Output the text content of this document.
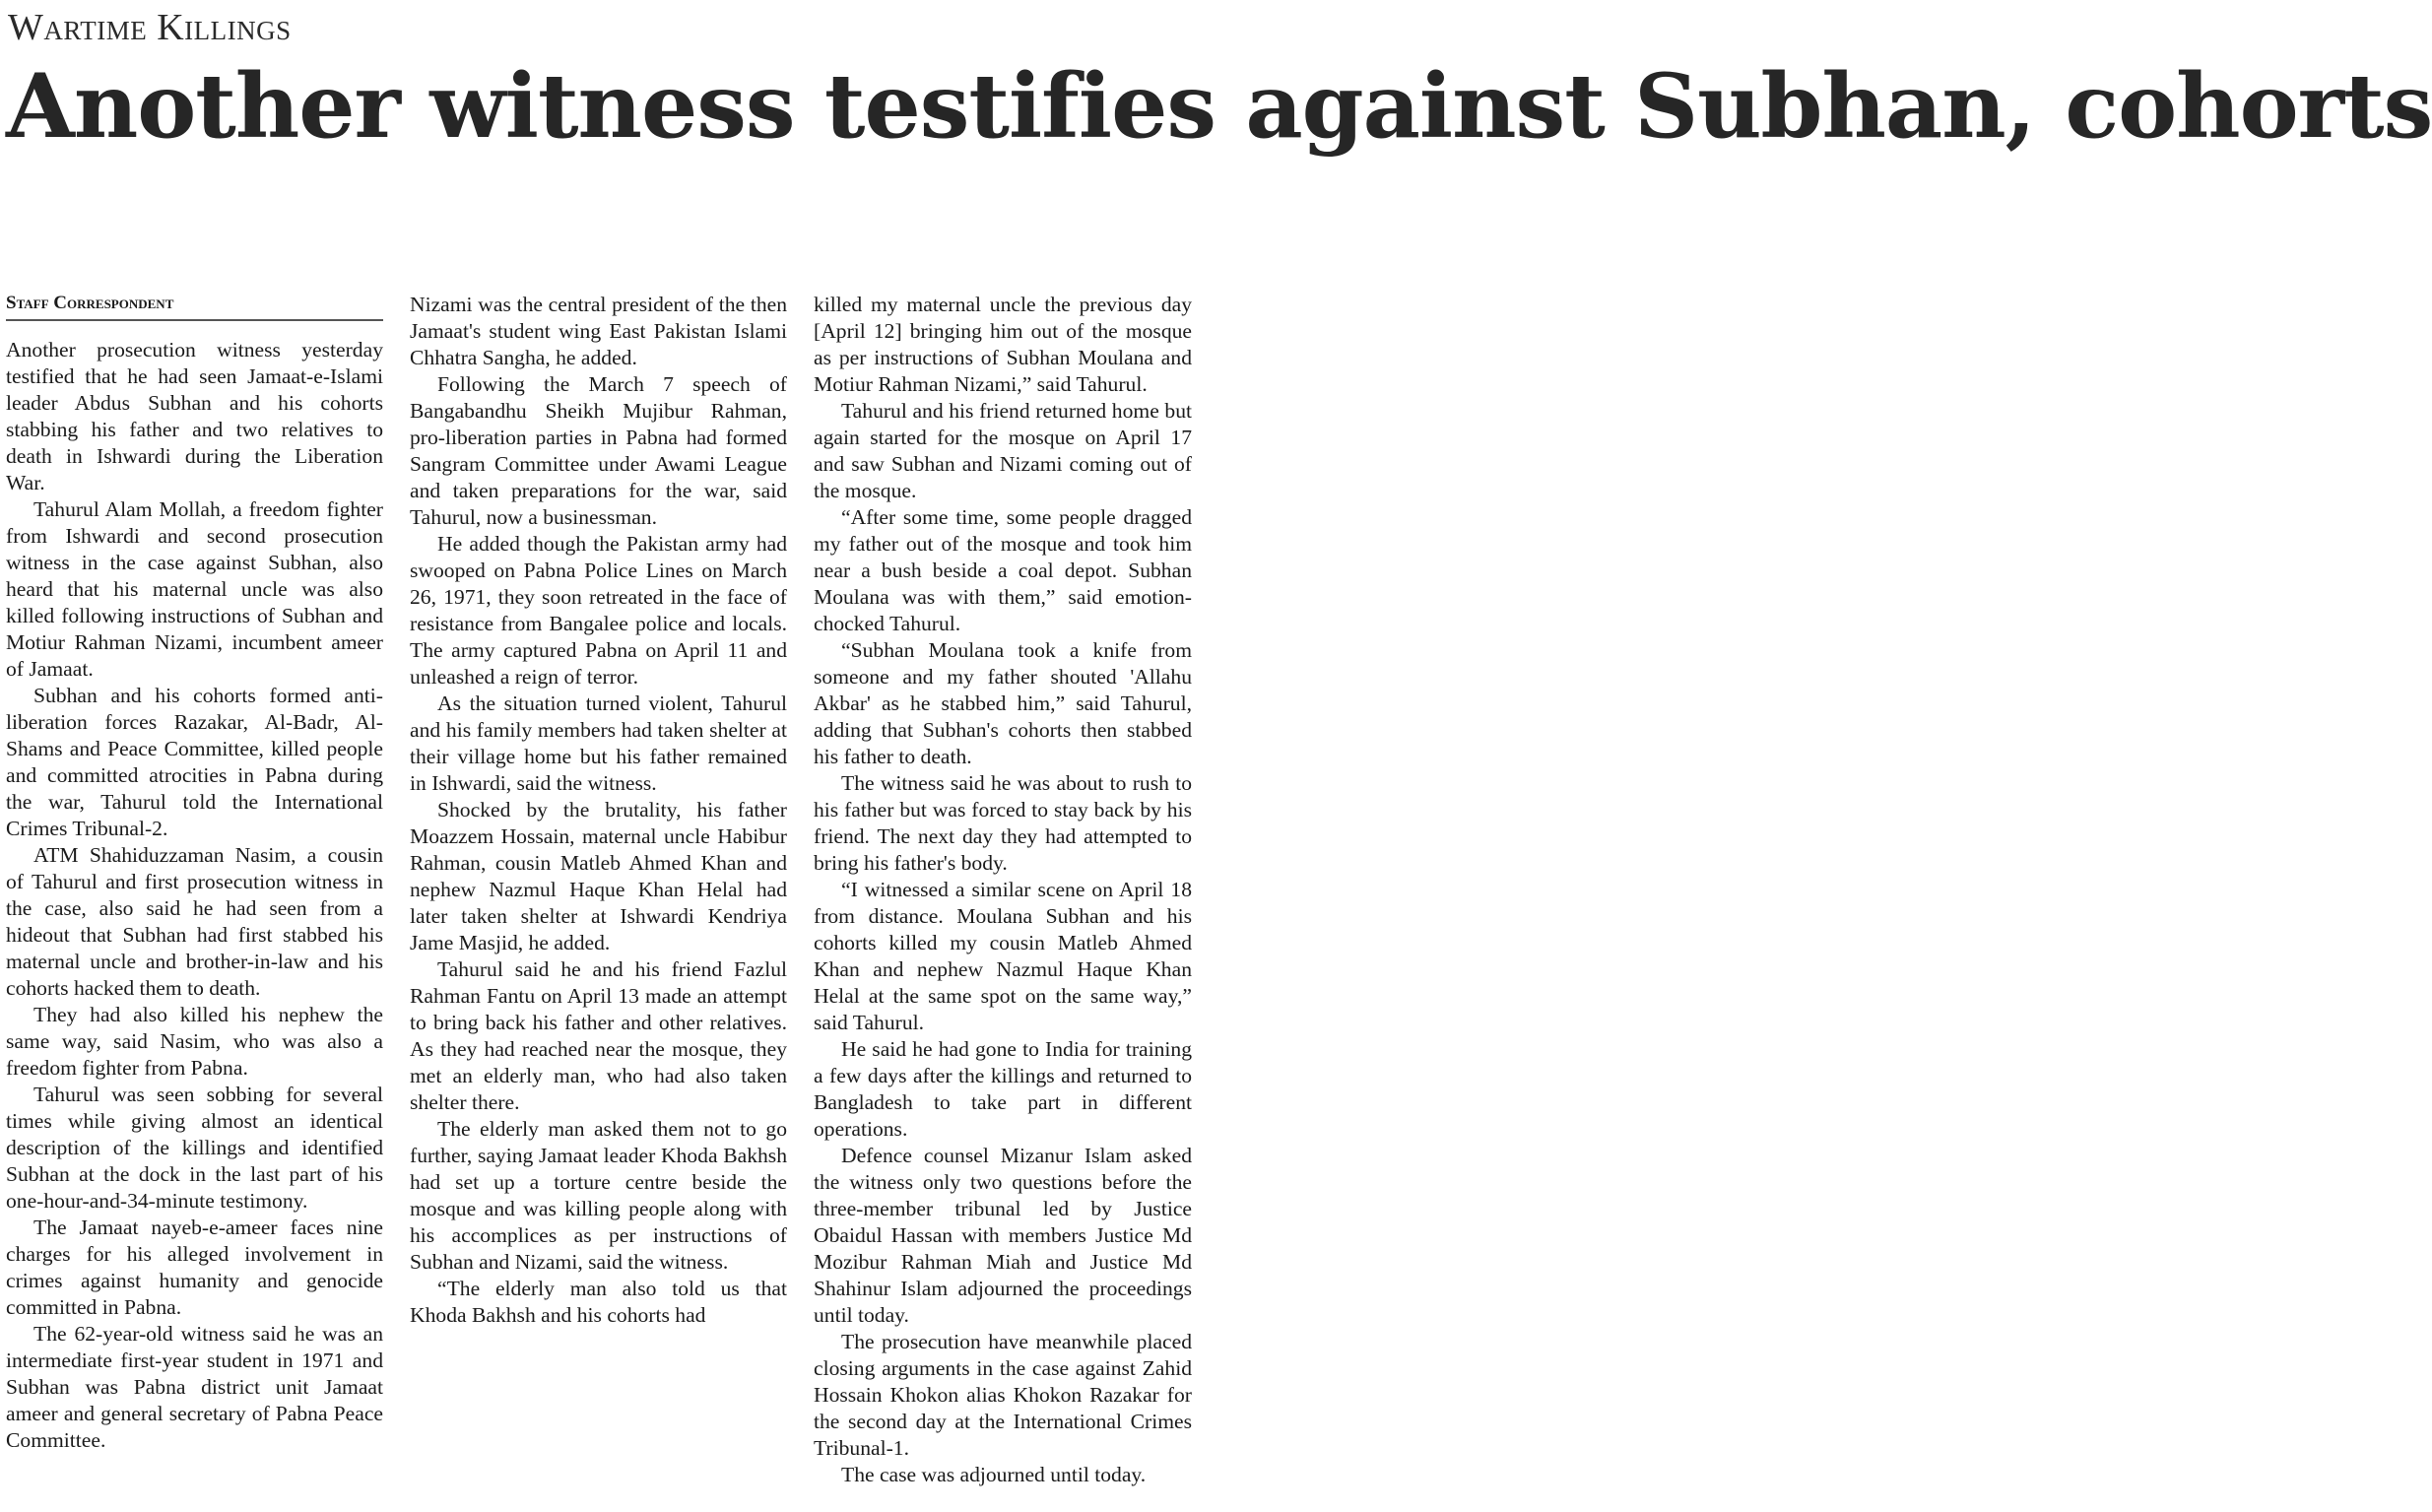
Wartime Killings
Another witness testifies against Subhan, cohorts
Staff Correspondent

Another prosecution witness yesterday testified that he had seen Jamaat-e-Islami leader Abdus Subhan and his cohorts stabbing his father and two relatives to death in Ishwardi during the Liberation War.

Tahurul Alam Mollah, a freedom fighter from Ishwardi and second prosecution witness in the case against Subhan, also heard that his maternal uncle was also killed following instructions of Subhan and Motiur Rahman Nizami, incumbent ameer of Jamaat.

Subhan and his cohorts formed anti-liberation forces Razakar, Al-Badr, Al-Shams and Peace Committee, killed people and committed atrocities in Pabna during the war, Tahurul told the International Crimes Tribunal-2.

ATM Shahiduzzaman Nasim, a cousin of Tahurul and first prosecution witness in the case, also said he had seen from a hideout that Subhan had first stabbed his maternal uncle and brother-in-law and his cohorts hacked them to death.

They had also killed his nephew the same way, said Nasim, who was also a freedom fighter from Pabna.

Tahurul was seen sobbing for several times while giving almost an identical description of the killings and identified Subhan at the dock in the last part of his one-hour-and-34-minute testimony.

The Jamaat nayeb-e-ameer faces nine charges for his alleged involvement in crimes against humanity and genocide committed in Pabna.

The 62-year-old witness said he was an intermediate first-year student in 1971 and Subhan was Pabna district unit Jamaat ameer and general secretary of Pabna Peace Committee.

Nizami was the central president of the then Jamaat's student wing East Pakistan Islami Chhatra Sangha, he added.

Following the March 7 speech of Bangabandhu Sheikh Mujibur Rahman, pro-liberation parties in Pabna had formed Sangram Committee under Awami League and taken preparations for the war, said Tahurul, now a businessman.

He added though the Pakistan army had swooped on Pabna Police Lines on March 26, 1971, they soon retreated in the face of resistance from Bangalee police and locals. The army captured Pabna on April 11 and unleashed a reign of terror.

As the situation turned violent, Tahurul and his family members had taken shelter at their village home but his father remained in Ishwardi, said the witness.

Shocked by the brutality, his father Moazzem Hossain, maternal uncle Habibur Rahman, cousin Matleb Ahmed Khan and nephew Nazmul Haque Khan Helal had later taken shelter at Ishwardi Kendriya Jame Masjid, he added.

Tahurul said he and his friend Fazlul Rahman Fantu on April 13 made an attempt to bring back his father and other relatives. As they had reached near the mosque, they met an elderly man, who had also taken shelter there.

The elderly man asked them not to go further, saying Jamaat leader Khoda Bakhsh had set up a torture centre beside the mosque and was killing people along with his accomplices as per instructions of Subhan and Nizami, said the witness.

“The elderly man also told us that Khoda Bakhsh and his cohorts had

killed my maternal uncle the previous day [April 12] bringing him out of the mosque as per instructions of Subhan Moulana and Motiur Rahman Nizami,” said Tahurul.

Tahurul and his friend returned home but again started for the mosque on April 17 and saw Subhan and Nizami coming out of the mosque.

“After some time, some people dragged my father out of the mosque and took him near a bush beside a coal depot. Subhan Moulana was with them,” said emotion-chocked Tahurul.

“Subhan Moulana took a knife from someone and my father shouted 'Allahu Akbar' as he stabbed him,” said Tahurul, adding that Subhan's cohorts then stabbed his father to death.

The witness said he was about to rush to his father but was forced to stay back by his friend. The next day they had attempted to bring his father's body.

“I witnessed a similar scene on April 18 from distance. Moulana Subhan and his cohorts killed my cousin Matleb Ahmed Khan and nephew Nazmul Haque Khan Helal at the same spot on the same way,” said Tahurul.

He said he had gone to India for training a few days after the killings and returned to Bangladesh to take part in different operations.

Defence counsel Mizanur Islam asked the witness only two questions before the three-member tribunal led by Justice Obaidul Hassan with members Justice Md Mozibur Rahman Miah and Justice Md Shahinur Islam adjourned the proceedings until today.

The prosecution have meanwhile placed closing arguments in the case against Zahid Hossain Khokon alias Khokon Razakar for the second day at the International Crimes Tribunal-1.

The case was adjourned until today.
